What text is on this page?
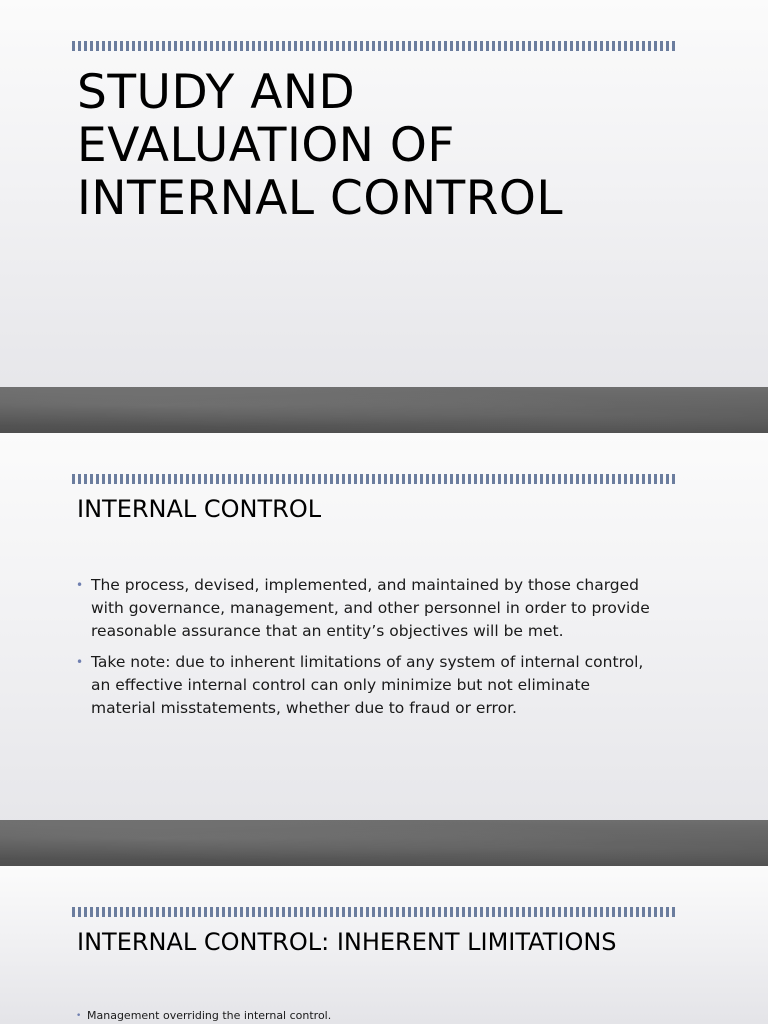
STUDY AND
EVALUATION OF
INTERNAL CONTROL
INTERNAL CONTROL
• The process, devised, implemented, and maintained by those charged
with governance, management, and other personnel in order to provide
reasonable assurance that an entity’s objectives will be met.
• Take note: due to inherent limitations of any system of internal control,
an effective internal control can only minimize but not eliminate
material misstatements, whether due to fraud or error.
INTERNAL CONTROL: INHERENT LIMITATIONS
• Management overriding the internal control.
